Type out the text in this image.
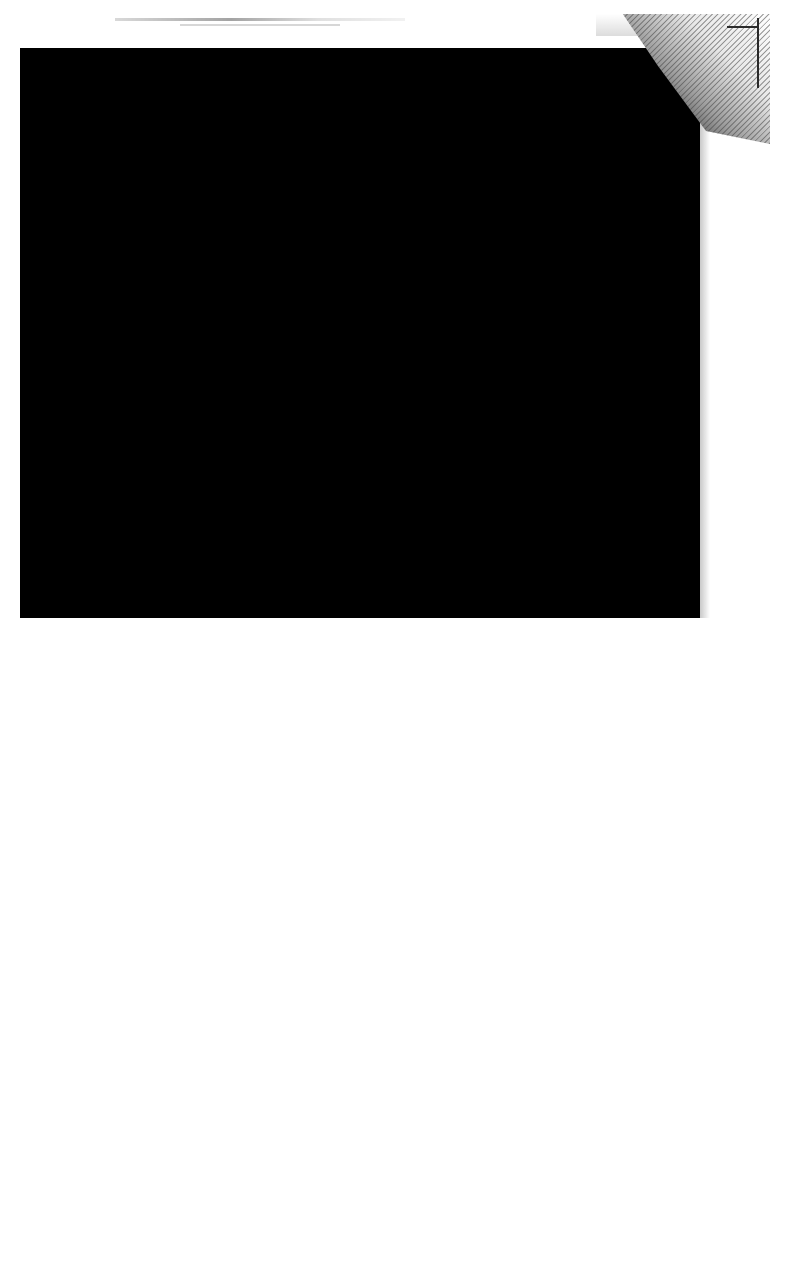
The dry fertilizer storage portion of the dry fertilizer building complex (120' certification as a pollution control improvement by the authority of part 25 Administrative Code, Chapter I Sub Chapter I. This determination has been Illinois Pollution Control Board in their PCB 24-23 Decision. The operational containment sections of the subject dry fertilizer complex t application as qualifying for certification as pollution control devices includ 1)

The loader operational area (34' x 152' =5,168 SF). This is the portion o adjacent to the dry fertilizer storage bins. The loader operational area l from the storage bins to a below ground level receiving pit which then l leg that moves the dry fertilizer to outside overhead holding bins.

2)

The truck loading portion of the building complex (40' x 100' =4,000 SF) blended dry fertilizer is loaded from one of the four overhead holding b and/or application equipment.

3)

The Operational Blending room adjacent to the truck loadout area that SF). This area is a special blending area used to blend specialized ingre fertilizer formulations. The total of these three operational areas is 10,318 square feet. Section 255.140 of Title 8 of the Illinois Administrative Code states, in pa be stored and handled in a manner to prevent pollution by minimizing lo underground water or subsoil, and containment devices or structures may inc (Section 255.140(d)4. Enclosing the subject's operational containment areas of the containment requirements as stated. To further illustrate that the primary purpose of the building is for following: If the subject operational areas were curbed with a 6" concrete cu unroofed operational area of the subject would contain a 6" rain event which is storm. This would be the minimum requirement of an expose concrete conta b)(1). The following table calculates the volume of rain that a 6" rain event w secondary containment with no roof. Dry Containment Area	Volume per inch of rain	Volume, 25-
10,318 sq. feet	6,431 gal ((10,318 x 7.48)/12)	38,589 gallo The subject dry fertilizer operating areas were designed to be enclosed enclosed with a building and the operational areas were exposed to the eleme pollution containment system with a minimum storage capacity of 40,000 gallo
